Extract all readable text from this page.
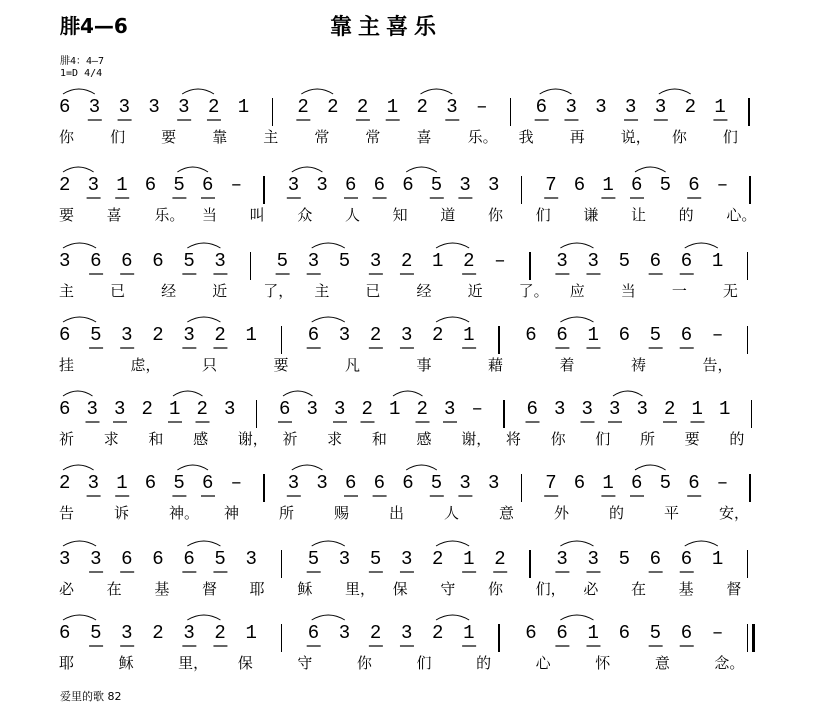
腓4—6	靠主喜乐
腓4：4—7
1=D 4/4
6 3 3 3 3 2 1	2 2 2 1 2 3 –	6 3 3 3 3 2 1
你 们 要 靠 主 常 常 喜 乐。 我 再 说， 你 们
2 3 1 6 5 6 – 3 3 6 6 6 5 3 3 7 6 1 6 5 6 –
要 喜 乐。 当 叫 众 人 知 道 你 们 谦 让 的 心。
3 6 6 6 5 3	5 3 5 3 2 1 2 –	3 3 5 6 6 1
主 已 经 近 了， 主 已 经 近 了。 应 当 一 无
6 5 3 2 3 2 1	6 3 2 3 2 1	6 6 1 6 5 6 –
挂	虑，	只	要	凡	事	藉	着	祷	告，
6 3 3 2 1 2 3 6 3 3 2 1 2 3 – 6 3 3 3 3 2 1 1
祈 求 和 感 谢， 祈 求 和 感 谢， 将 你 们 所 要 的
2 3 1 6 5 6 – 3 3 6 6 6 5 3 3 7 6 1 6 5 6 –
告	诉	神。 神	所	赐	出	人	意	外	的	平	安，
3 3 6 6 6 5 3	5 3 5 3 2 1 2	3 3 5 6 6 1
必 在 基 督 耶 稣 里， 保 守 你 们， 必 在 基 督
6 5 3 2 3 2 1	6 3 2 3 2 1	6 6 1 6 5 6 –
耶	稣	里， 保	守	你	们	的	心	怀	意	念。
爱里的歌 82
